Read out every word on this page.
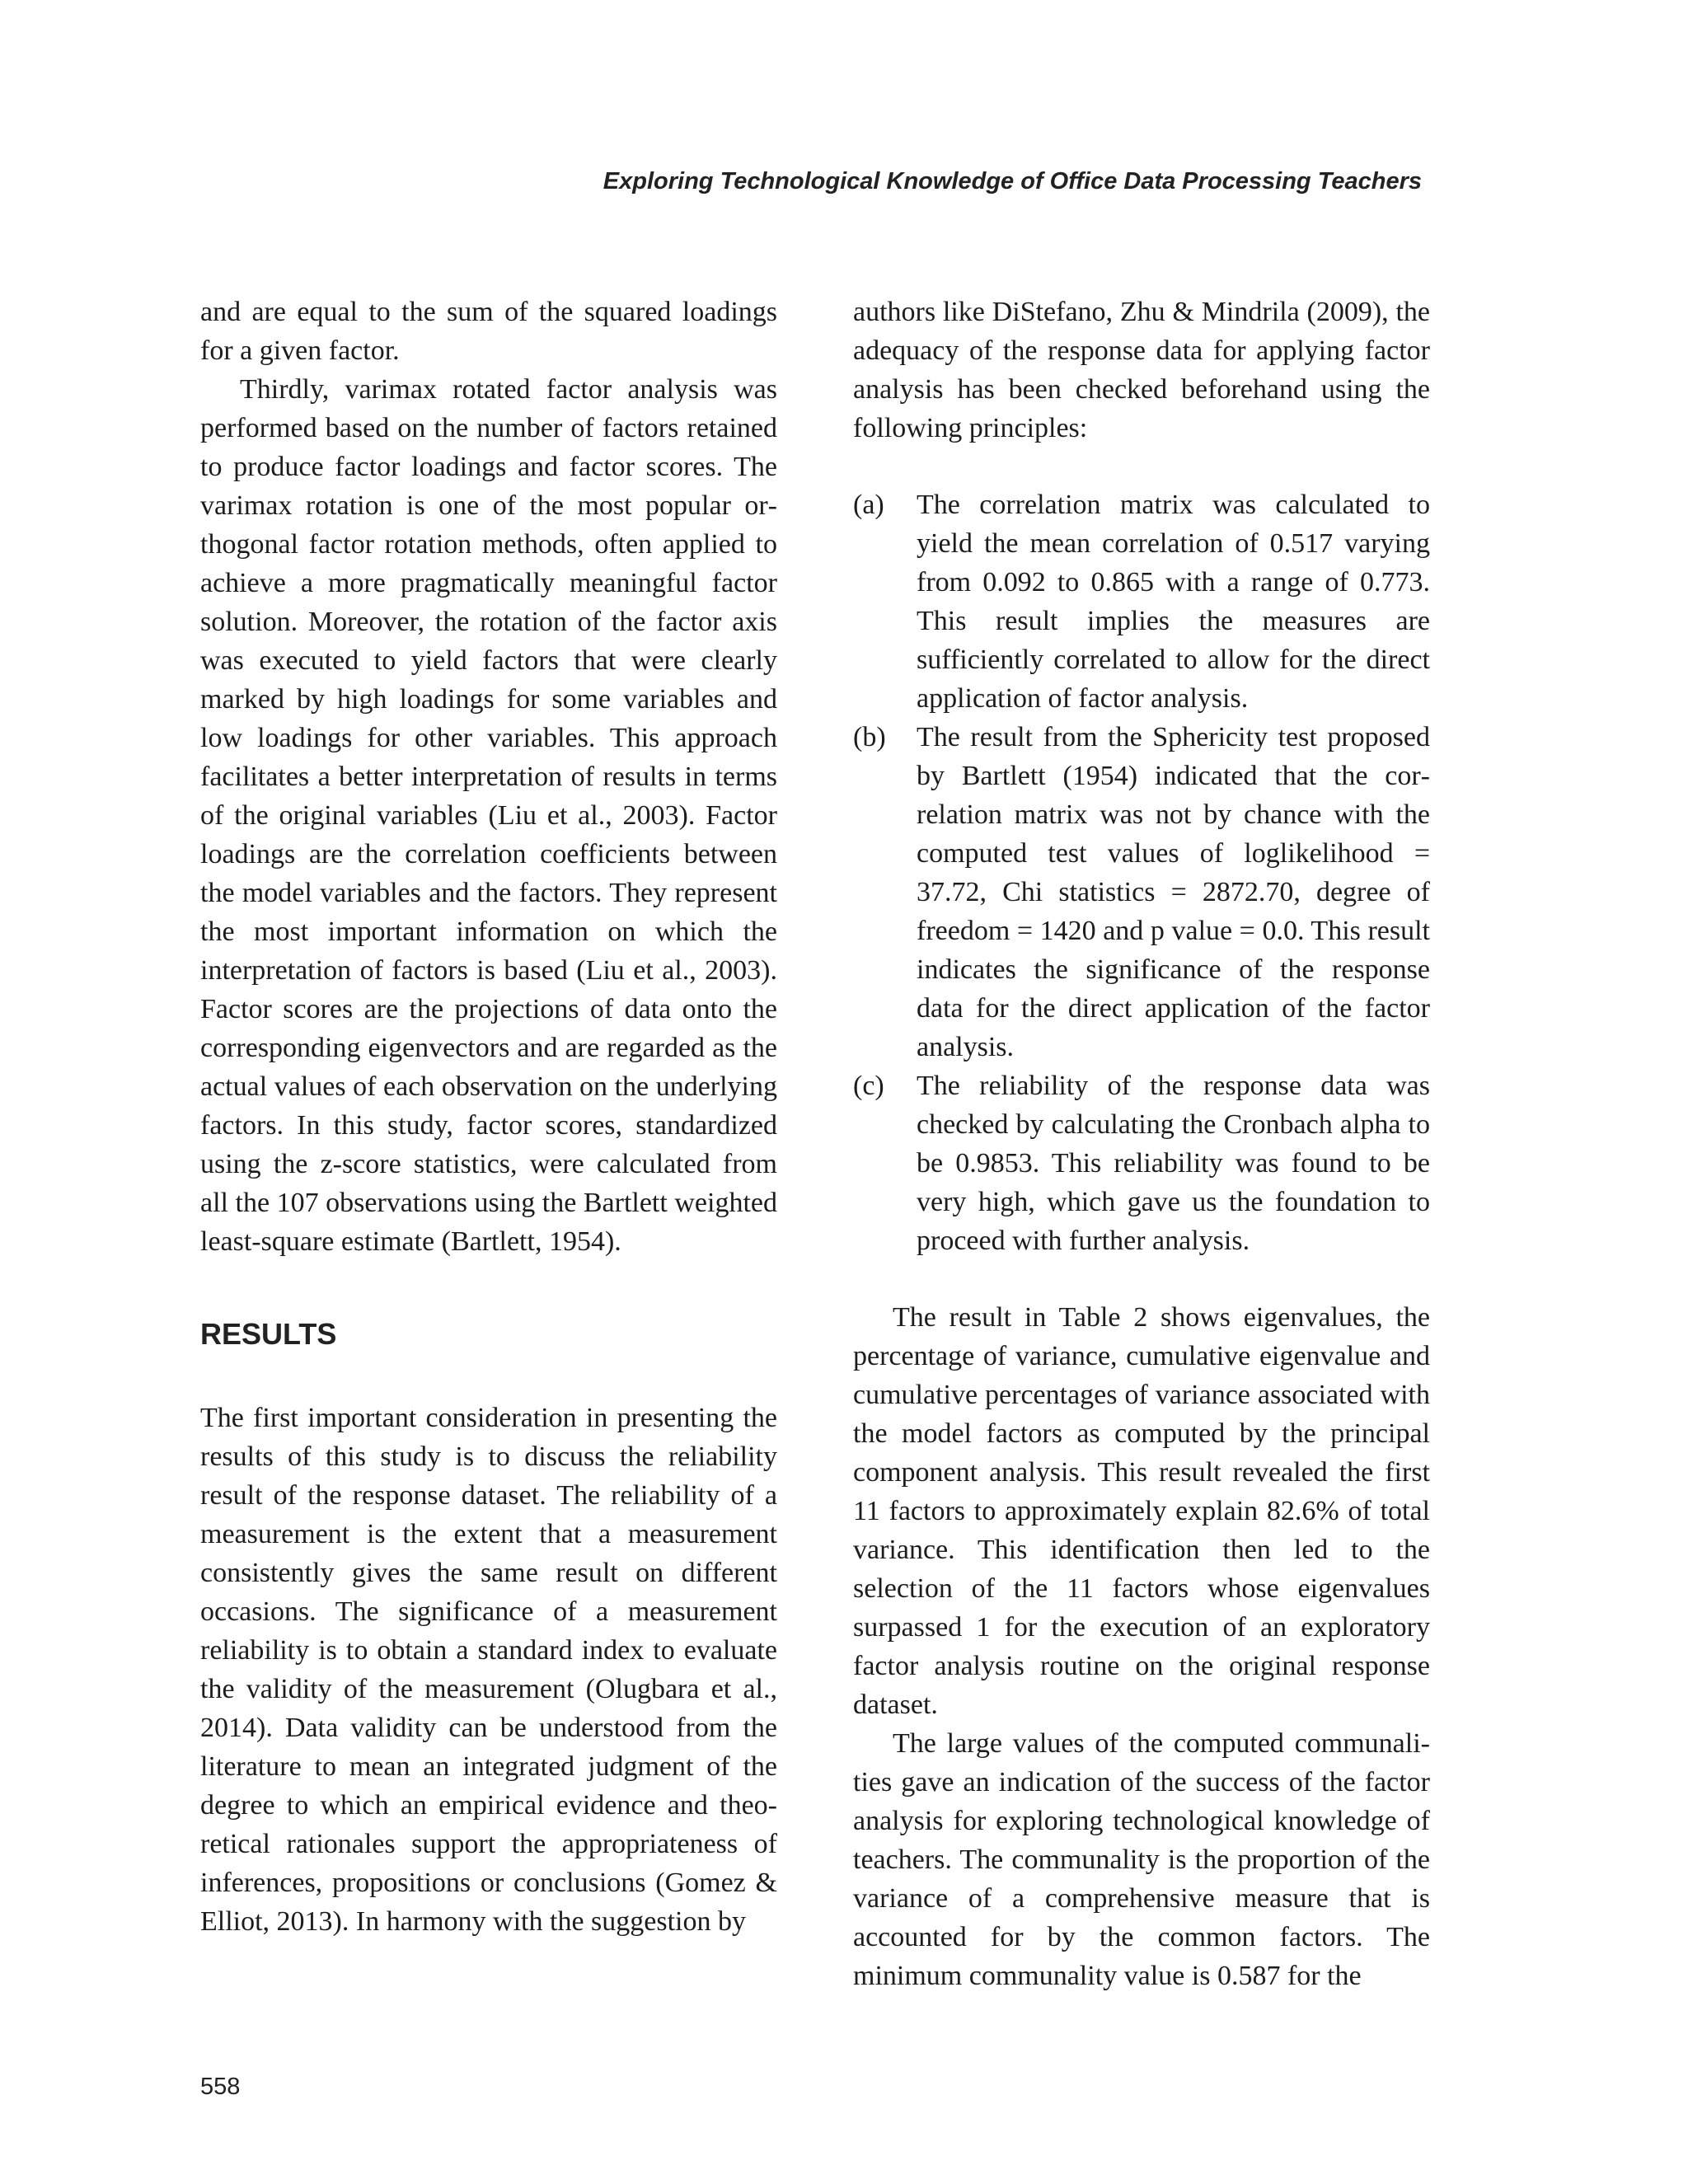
Exploring Technological Knowledge of Office Data Processing Teachers

and are equal to the sum of the squared loadings for a given factor.

Thirdly, varimax rotated factor analysis was performed based on the number of factors retained to produce factor loadings and factor scores. The varimax rotation is one of the most popular orthogonal factor rotation methods, often applied to achieve a more pragmatically meaningful factor solution. Moreover, the rotation of the factor axis was executed to yield factors that were clearly marked by high loadings for some variables and low loadings for other variables. This approach facilitates a better interpretation of results in terms of the original variables (Liu et al., 2003). Factor loadings are the correlation coefficients between the model variables and the factors. They represent the most important information on which the interpretation of factors is based (Liu et al., 2003). Factor scores are the projections of data onto the corresponding eigenvectors and are regarded as the actual values of each observation on the underlying factors. In this study, factor scores, standardized using the z-score statistics, were calculated from all the 107 observations using the Bartlett weighted least-square estimate (Bartlett, 1954).

RESULTS

The first important consideration in presenting the results of this study is to discuss the reliability result of the response dataset. The reliability of a measurement is the extent that a measurement consistently gives the same result on different occasions. The significance of a measurement reliability is to obtain a standard index to evaluate the validity of the measurement (Olugbara et al., 2014). Data validity can be understood from the literature to mean an integrated judgment of the degree to which an empirical evidence and theoretical rationales support the appropriateness of inferences, propositions or conclusions (Gomez & Elliot, 2013). In harmony with the suggestion by

authors like DiStefano, Zhu & Mindrila (2009), the adequacy of the response data for applying factor analysis has been checked beforehand using the following principles:

(a)	The correlation matrix was calculated to yield the mean correlation of 0.517 varying from 0.092 to 0.865 with a range of 0.773. This result implies the measures are sufficiently correlated to allow for the direct application of factor analysis.
(b)	The result from the Sphericity test proposed by Bartlett (1954) indicated that the correlation matrix was not by chance with the computed test values of loglikelihood = 37.72, Chi statistics = 2872.70, degree of freedom = 1420 and p value = 0.0. This result indicates the significance of the response data for the direct application of the factor analysis.
(c)	The reliability of the response data was checked by calculating the Cronbach alpha to be 0.9853. This reliability was found to be very high, which gave us the foundation to proceed with further analysis.

The result in Table 2 shows eigenvalues, the percentage of variance, cumulative eigenvalue and cumulative percentages of variance associated with the model factors as computed by the principal component analysis. This result revealed the first 11 factors to approximately explain 82.6% of total variance. This identification then led to the selection of the 11 factors whose eigenvalues surpassed 1 for the execution of an exploratory factor analysis routine on the original response dataset.

The large values of the computed communalities gave an indication of the success of the factor analysis for exploring technological knowledge of teachers. The communality is the proportion of the variance of a comprehensive measure that is accounted for by the common factors. The minimum communality value is 0.587 for the

558
